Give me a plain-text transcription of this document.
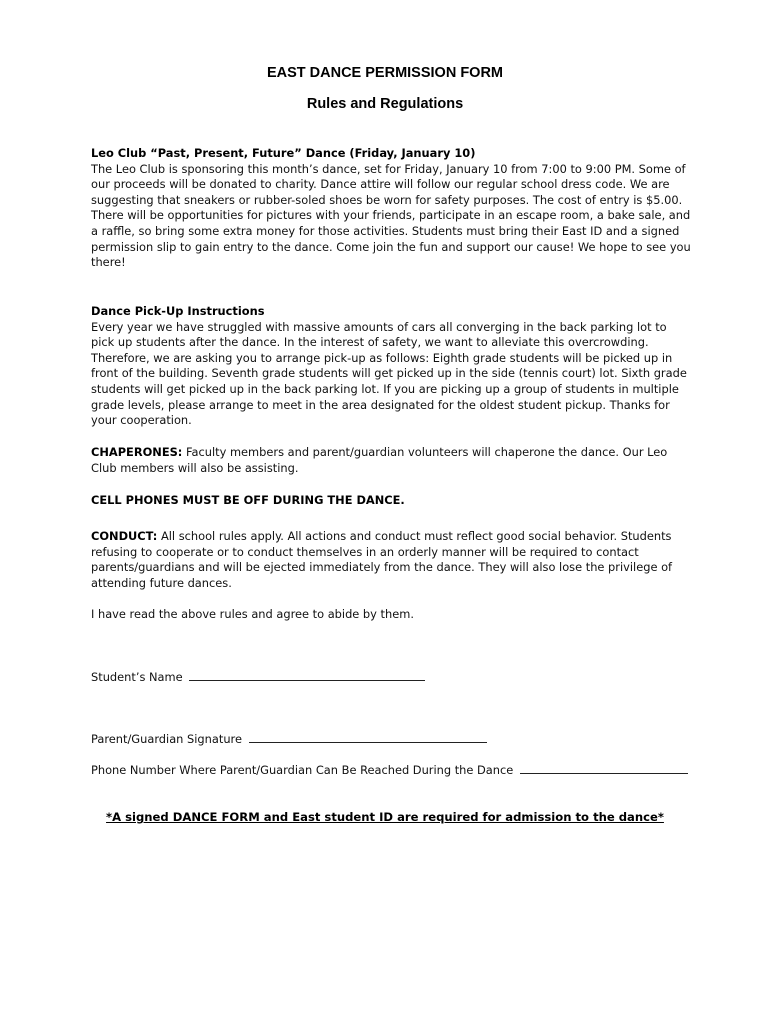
EAST DANCE PERMISSION FORM
Rules and Regulations
Leo Club “Past, Present, Future” Dance (Friday, January 10)
The Leo Club is sponsoring this month’s dance, set for Friday, January 10 from 7:00 to 9:00 PM. Some of our proceeds will be donated to charity. Dance attire will follow our regular school dress code. We are suggesting that sneakers or rubber-soled shoes be worn for safety purposes. The cost of entry is $5.00. There will be opportunities for pictures with your friends, participate in an escape room, a bake sale, and a raffle, so bring some extra money for those activities. Students must bring their East ID and a signed permission slip to gain entry to the dance. Come join the fun and support our cause! We hope to see you there!
Dance Pick-Up Instructions
Every year we have struggled with massive amounts of cars all converging in the back parking lot to pick up students after the dance. In the interest of safety, we want to alleviate this overcrowding. Therefore, we are asking you to arrange pick-up as follows: Eighth grade students will be picked up in front of the building. Seventh grade students will get picked up in the side (tennis court) lot. Sixth grade students will get picked up in the back parking lot. If you are picking up a group of students in multiple grade levels, please arrange to meet in the area designated for the oldest student pickup. Thanks for your cooperation.
CHAPERONES: Faculty members and parent/guardian volunteers will chaperone the dance. Our Leo Club members will also be assisting.
CELL PHONES MUST BE OFF DURING THE DANCE.
CONDUCT: All school rules apply. All actions and conduct must reflect good social behavior. Students refusing to cooperate or to conduct themselves in an orderly manner will be required to contact parents/guardians and will be ejected immediately from the dance. They will also lose the privilege of attending future dances.
I have read the above rules and agree to abide by them.
Student’s Name
Parent/Guardian Signature
Phone Number Where Parent/Guardian Can Be Reached During the Dance
*A signed DANCE FORM and East student ID are required for admission to the dance*
